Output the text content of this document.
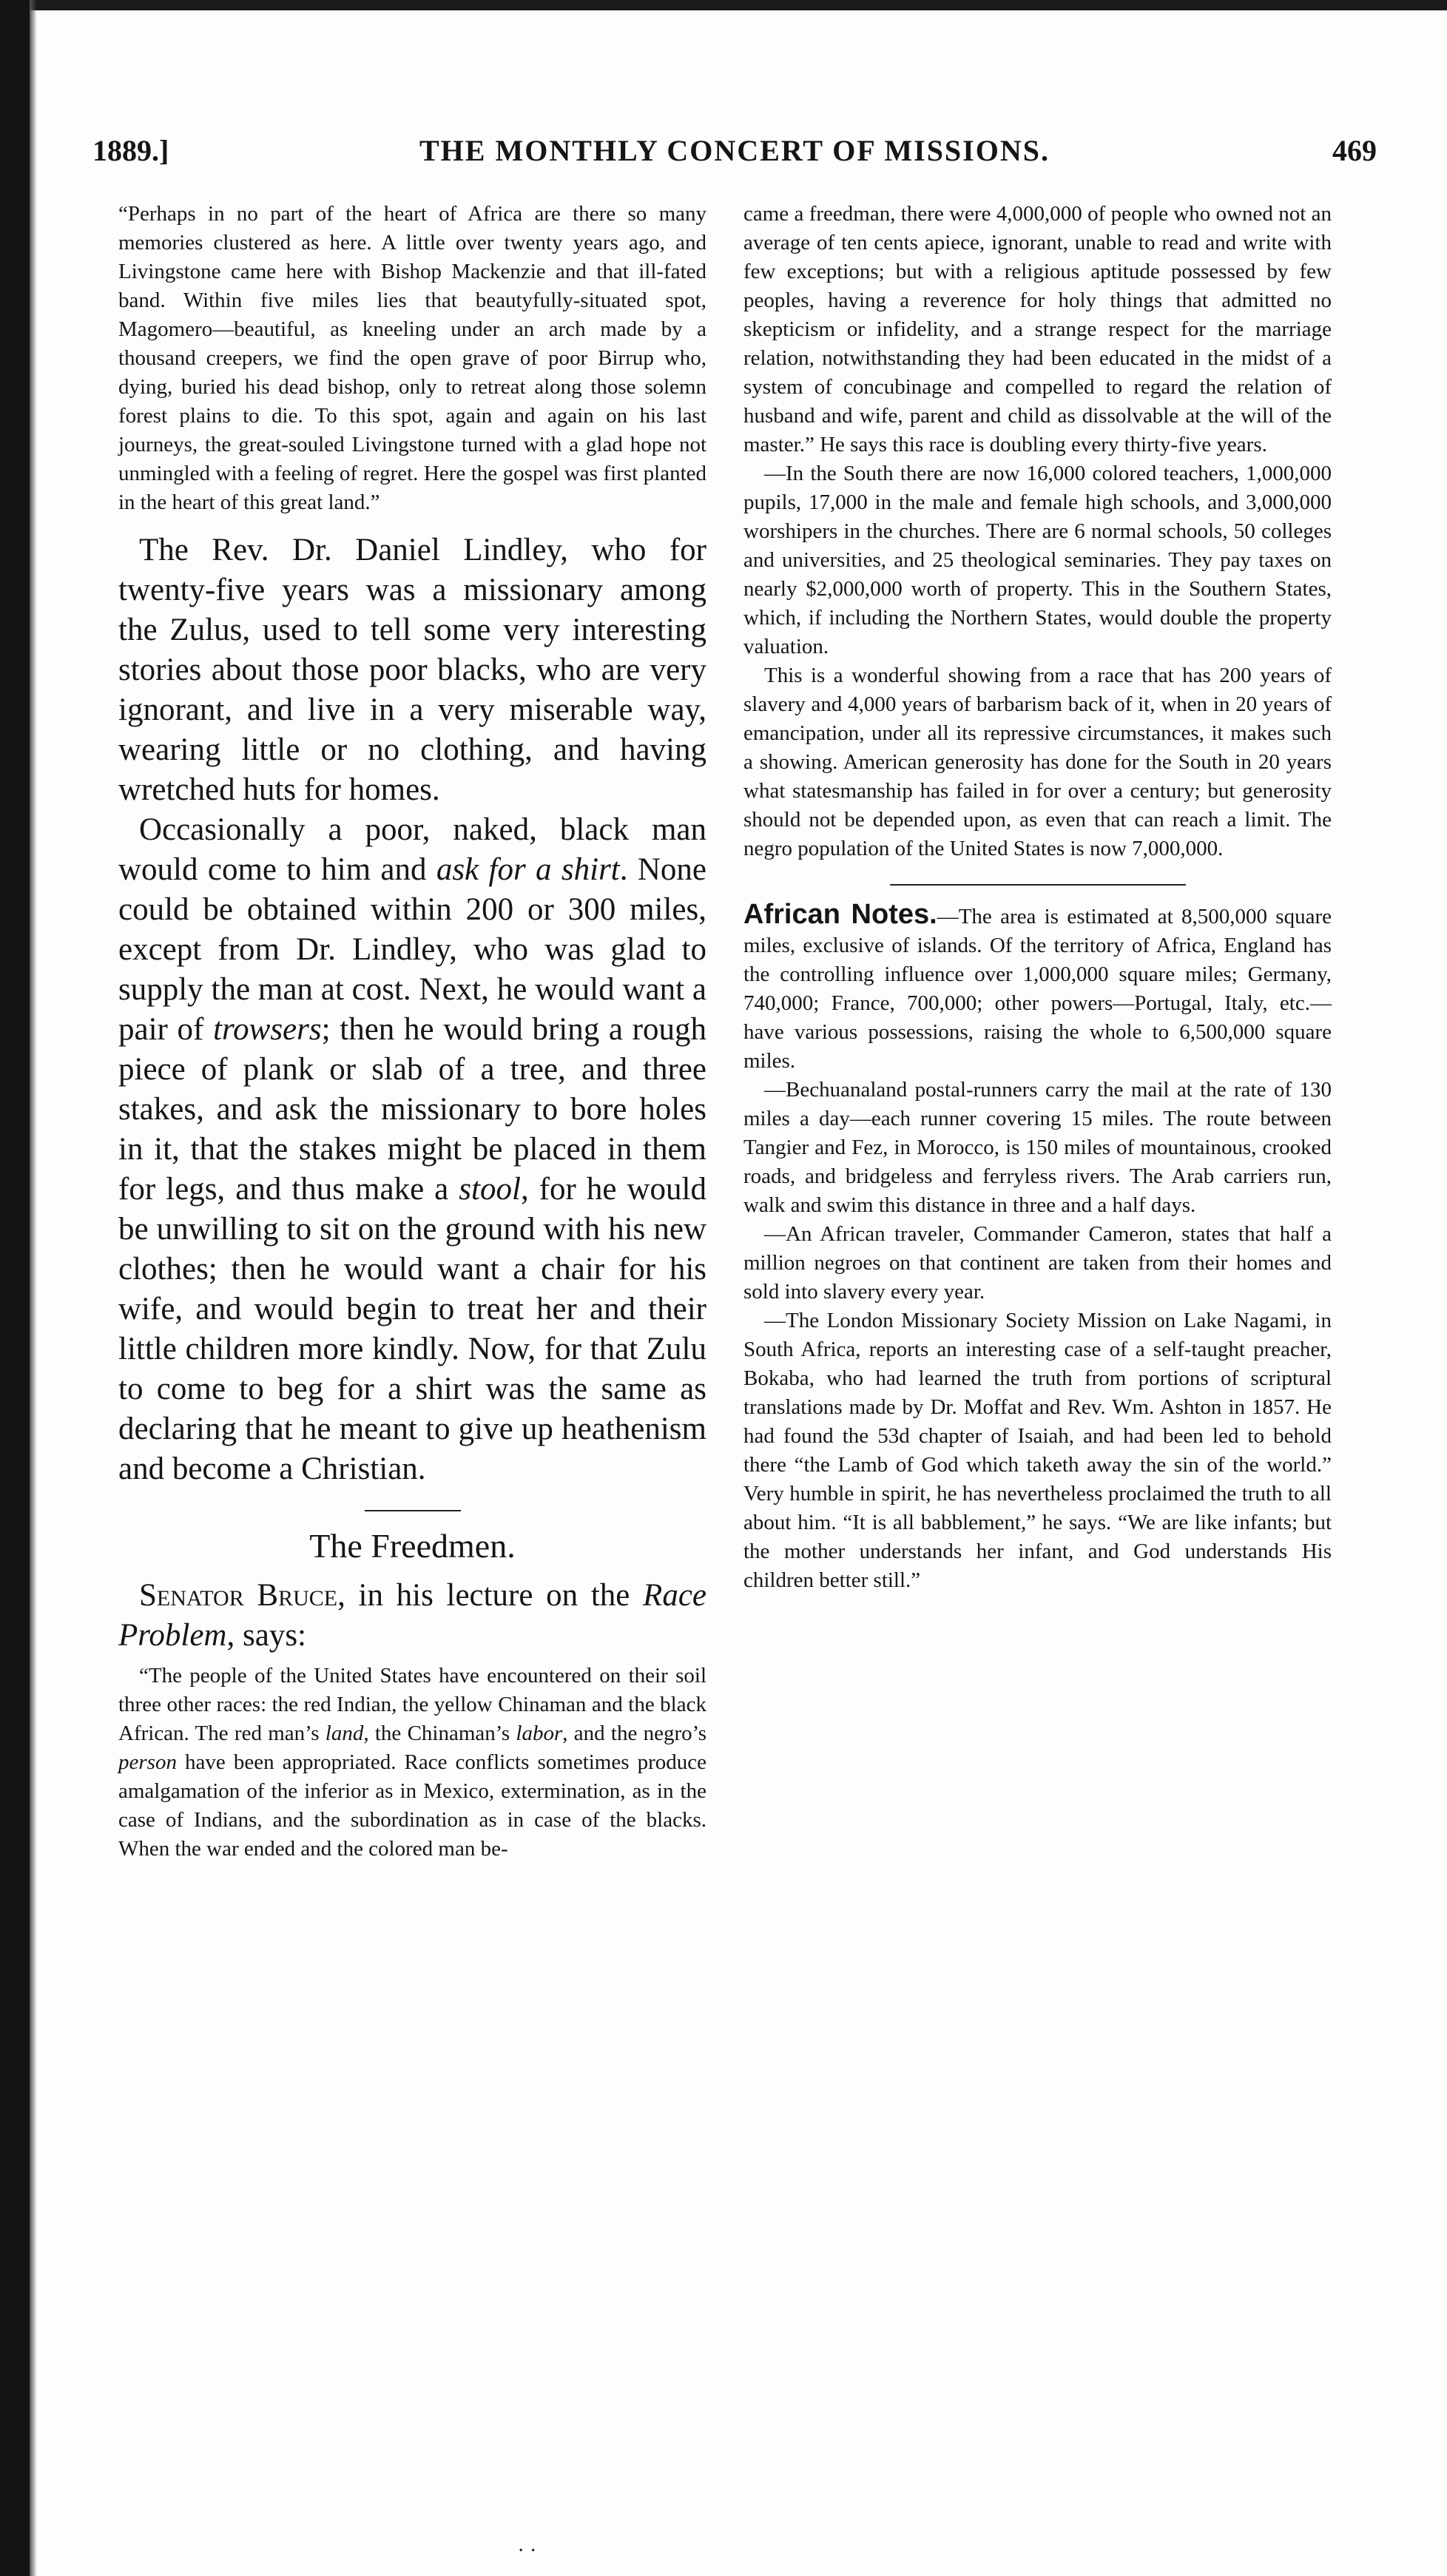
1889.]	THE MONTHLY CONCERT OF MISSIONS.	469

“Perhaps in no part of the heart of Africa are there so many memories clustered as here. A little over twenty years ago, and Livingstone came here with Bishop Mackenzie and that ill-fated band. Within five miles lies that beautyfully-situated spot, Magomero—beautiful, as kneeling under an arch made by a thousand creepers, we find the open grave of poor Birrup who, dying, buried his dead bishop, only to retreat along those solemn forest plains to die. To this spot, again and again on his last journeys, the great-souled Livingstone turned with a glad hope not unmingled with a feeling of regret. Here the gospel was first planted in the heart of this great land.”

The Rev. Dr. Daniel Lindley, who for twenty-five years was a missionary among the Zulus, used to tell some very interesting stories about those poor blacks, who are very ignorant, and live in a very miserable way, wearing little or no clothing, and having wretched huts for homes.

Occasionally a poor, naked, black man would come to him and ask for a shirt. None could be obtained within 200 or 300 miles, except from Dr. Lindley, who was glad to supply the man at cost. Next, he would want a pair of trowsers; then he would bring a rough piece of plank or slab of a tree, and three stakes, and ask the missionary to bore holes in it, that the stakes might be placed in them for legs, and thus make a stool, for he would be unwilling to sit on the ground with his new clothes; then he would want a chair for his wife, and would begin to treat her and their little children more kindly. Now, for that Zulu to come to beg for a shirt was the same as declaring that he meant to give up heathenism and become a Christian.

The Freedmen.

Senator Bruce, in his lecture on the Race Problem, says:

“The people of the United States have encountered on their soil three other races: the red Indian, the yellow Chinaman and the black African. The red man’s land, the Chinaman’s labor, and the negro’s person have been appropriated. Race conflicts sometimes produce amalgamation of the inferior as in Mexico, extermination, as in the case of Indians, and the subordination as in case of the blacks. When the war ended and the colored man be-

came a freedman, there were 4,000,000 of people who owned not an average of ten cents apiece, ignorant, unable to read and write with few exceptions; but with a religious aptitude possessed by few peoples, having a reverence for holy things that admitted no skepticism or infidelity, and a strange respect for the marriage relation, notwithstanding they had been educated in the midst of a system of concubinage and compelled to regard the relation of husband and wife, parent and child as dissolvable at the will of the master.” He says this race is doubling every thirty-five years.

—In the South there are now 16,000 colored teachers, 1,000,000 pupils, 17,000 in the male and female high schools, and 3,000,000 worshipers in the churches. There are 6 normal schools, 50 colleges and universities, and 25 theological seminaries. They pay taxes on nearly $2,000,000 worth of property. This in the Southern States, which, if including the Northern States, would double the property valuation.

This is a wonderful showing from a race that has 200 years of slavery and 4,000 years of barbarism back of it, when in 20 years of emancipation, under all its repressive circumstances, it makes such a showing. American generosity has done for the South in 20 years what statesmanship has failed in for over a century; but generosity should not be depended upon, as even that can reach a limit. The negro population of the United States is now 7,000,000.

African Notes.—The area is estimated at 8,500,000 square miles, exclusive of islands. Of the territory of Africa, England has the controlling influence over 1,000,000 square miles; Germany, 740,000; France, 700,000; other powers—Portugal, Italy, etc.—have various possessions, raising the whole to 6,500,000 square miles.

—Bechuanaland postal-runners carry the mail at the rate of 130 miles a day—each runner covering 15 miles. The route between Tangier and Fez, in Morocco, is 150 miles of mountainous, crooked roads, and bridgeless and ferryless rivers. The Arab carriers run, walk and swim this distance in three and a half days.

—An African traveler, Commander Cameron, states that half a million negroes on that continent are taken from their homes and sold into slavery every year.

—The London Missionary Society Mission on Lake Nagami, in South Africa, reports an interesting case of a self-taught preacher, Bokaba, who had learned the truth from portions of scriptural translations made by Dr. Moffat and Rev. Wm. Ashton in 1857. He had found the 53d chapter of Isaiah, and had been led to behold there “the Lamb of God which taketh away the sin of the world.” Very humble in spirit, he has nevertheless proclaimed the truth to all about him. “It is all babblement,” he says. “We are like infants; but the mother understands her infant, and God understands His children better still.”

. .
